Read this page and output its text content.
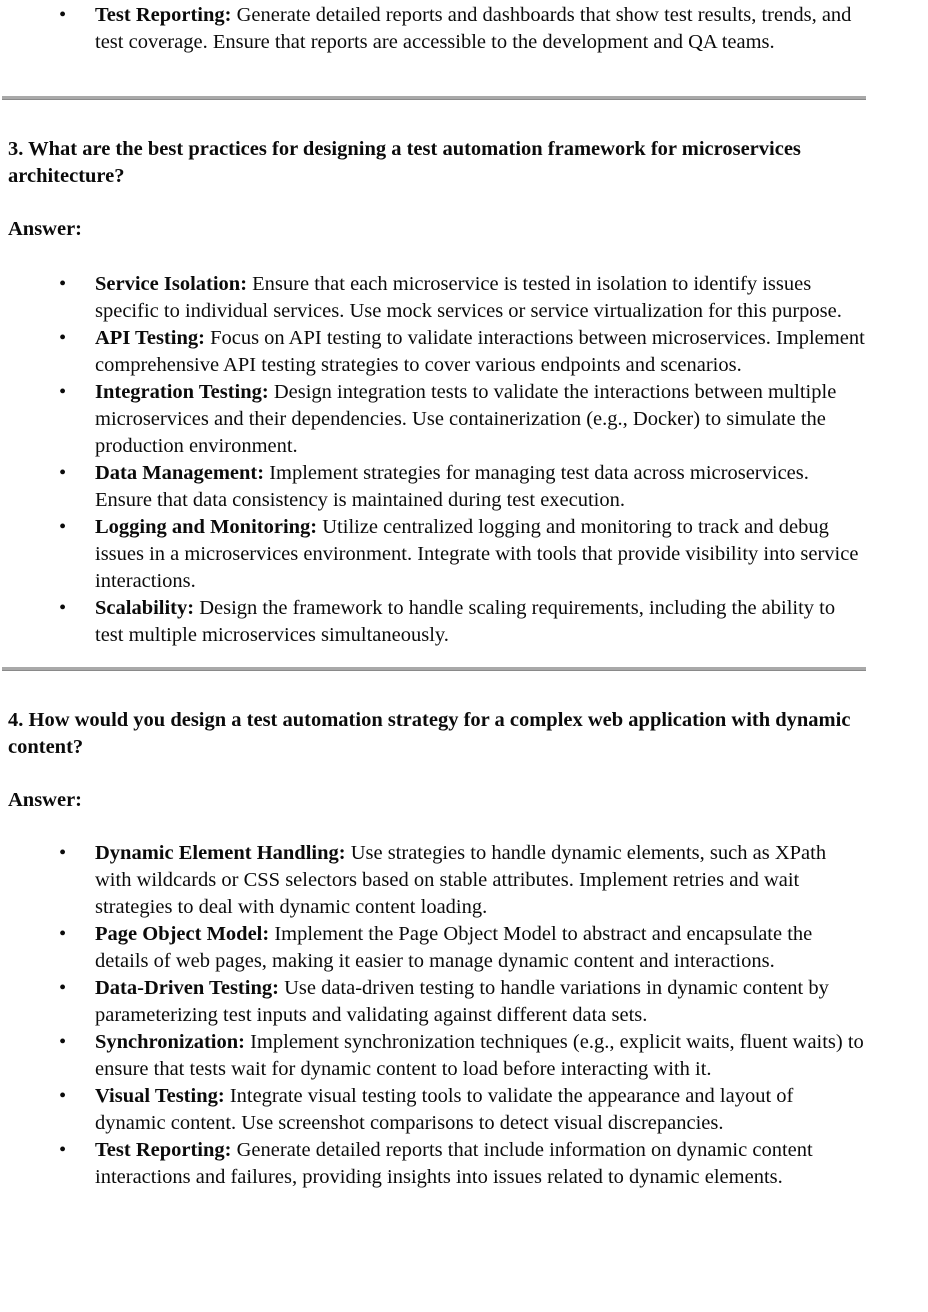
• Test Reporting: Generate detailed reports and dashboards that show test results, trends, and test coverage. Ensure that reports are accessible to the development and QA teams.
3. What are the best practices for designing a test automation framework for microservices architecture?

Answer:

• Service Isolation: Ensure that each microservice is tested in isolation to identify issues specific to individual services. Use mock services or service virtualization for this purpose.
• API Testing: Focus on API testing to validate interactions between microservices. Implement comprehensive API testing strategies to cover various endpoints and scenarios.
• Integration Testing: Design integration tests to validate the interactions between multiple microservices and their dependencies. Use containerization (e.g., Docker) to simulate the production environment.
• Data Management: Implement strategies for managing test data across microservices. Ensure that data consistency is maintained during test execution.
• Logging and Monitoring: Utilize centralized logging and monitoring to track and debug issues in a microservices environment. Integrate with tools that provide visibility into service interactions.
• Scalability: Design the framework to handle scaling requirements, including the ability to test multiple microservices simultaneously.
4. How would you design a test automation strategy for a complex web application with dynamic content?

Answer:

• Dynamic Element Handling: Use strategies to handle dynamic elements, such as XPath with wildcards or CSS selectors based on stable attributes. Implement retries and wait strategies to deal with dynamic content loading.
• Page Object Model: Implement the Page Object Model to abstract and encapsulate the details of web pages, making it easier to manage dynamic content and interactions.
• Data-Driven Testing: Use data-driven testing to handle variations in dynamic content by parameterizing test inputs and validating against different data sets.
• Synchronization: Implement synchronization techniques (e.g., explicit waits, fluent waits) to ensure that tests wait for dynamic content to load before interacting with it.
• Visual Testing: Integrate visual testing tools to validate the appearance and layout of dynamic content. Use screenshot comparisons to detect visual discrepancies.
• Test Reporting: Generate detailed reports that include information on dynamic content interactions and failures, providing insights into issues related to dynamic elements.
